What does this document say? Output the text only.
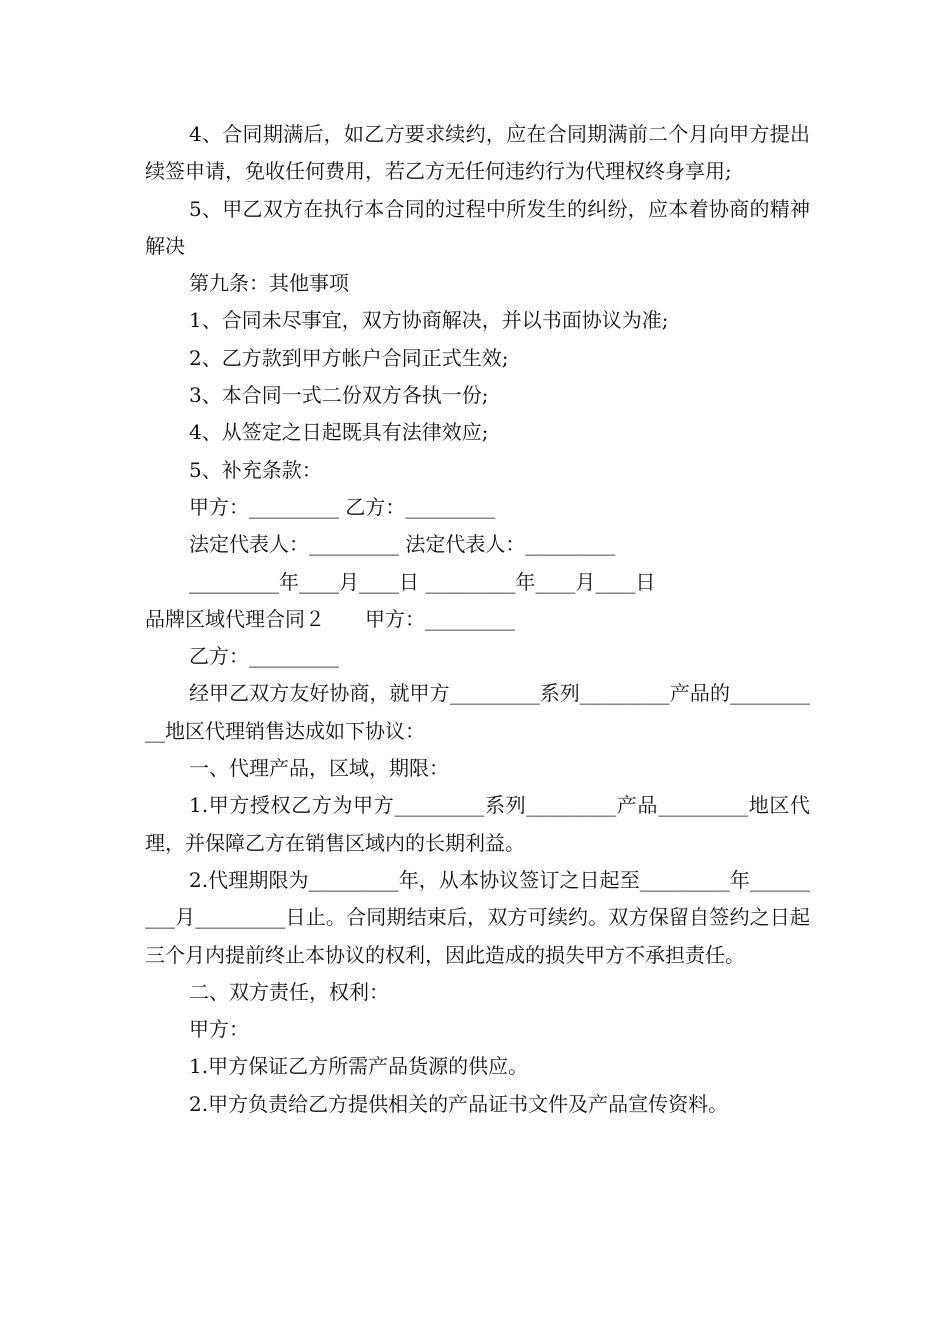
4、合同期满后，如乙方要求续约，应在合同期满前二个月向甲方提出续签申请，免收任何费用，若乙方无任何违约行为代理权终身享用;

5、甲乙双方在执行本合同的过程中所发生的纠纷，应本着协商的精神解决

第九条：其他事项

1、合同未尽事宜，双方协商解决，并以书面协议为准;

2、乙方款到甲方帐户合同正式生效;

3、本合同一式二份双方各执一份;

4、从签定之日起既具有法律效应;

5、补充条款：

甲方：_________ 乙方：_________

法定代表人：_________ 法定代表人：_________

_________年____月____日 _________年____月____日

品牌区域代理合同２　　甲方：_________

乙方：_________

经甲乙双方友好协商，就甲方_________系列_________产品的__________地区代理销售达成如下协议：

一、代理产品，区域，期限：

1.甲方授权乙方为甲方_________系列_________产品_________地区代理，并保障乙方在销售区域内的长期利益。

2.代理期限为_________年，从本协议签订之日起至_________年_________月_________日止。合同期结束后，双方可续约。双方保留自签约之日起三个月内提前终止本协议的权利，因此造成的损失甲方不承担责任。

二、双方责任，权利：

甲方：

1.甲方保证乙方所需产品货源的供应。

2.甲方负责给乙方提供相关的产品证书文件及产品宣传资料。
